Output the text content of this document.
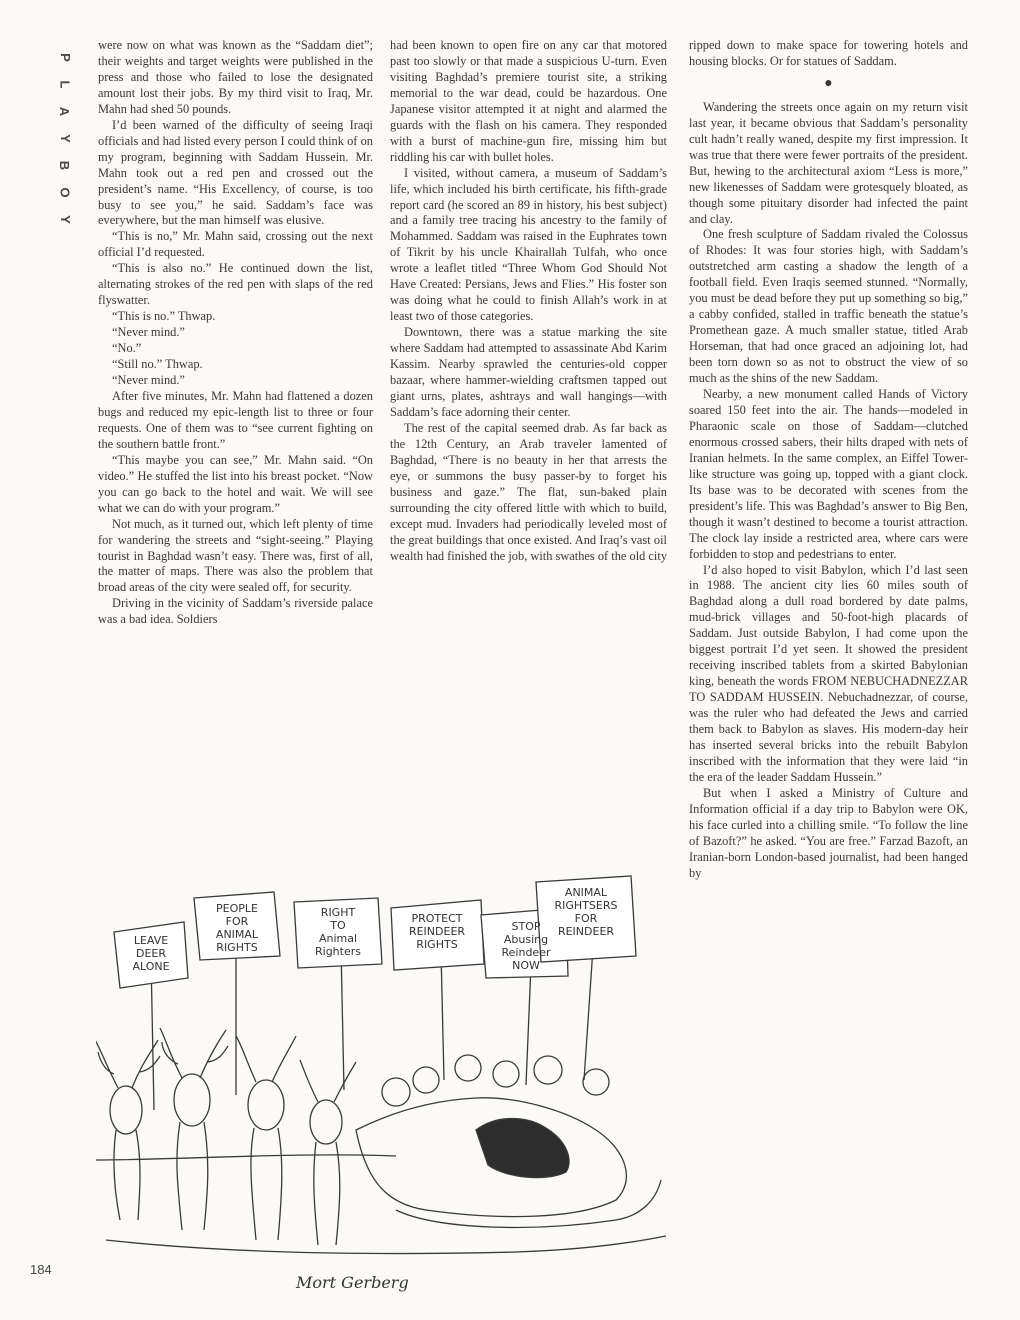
P
L
A
Y
B
O
Y

were now on what was known as the “Saddam diet”; their weights and target weights were published in the press and those who failed to lose the designated amount lost their jobs. By my third visit to Iraq, Mr. Mahn had shed 50 pounds.

I’d been warned of the difficulty of seeing Iraqi officials and had listed every person I could think of on my program, beginning with Saddam Hussein. Mr. Mahn took out a red pen and crossed out the president’s name. “His Excellency, of course, is too busy to see you,” he said. Saddam’s face was everywhere, but the man himself was elusive.

“This is no,” Mr. Mahn said, crossing out the next official I’d requested.

“This is also no.” He continued down the list, alternating strokes of the red pen with slaps of the red flyswatter.

“This is no.” Thwap.

“Never mind.”

“No.”

“Still no.” Thwap.

“Never mind.”

After five minutes, Mr. Mahn had flattened a dozen bugs and reduced my epic-length list to three or four requests. One of them was to “see current fighting on the southern battle front.”

“This maybe you can see,” Mr. Mahn said. “On video.” He stuffed the list into his breast pocket. “Now you can go back to the hotel and wait. We will see what we can do with your program.”

Not much, as it turned out, which left plenty of time for wandering the streets and “sight-seeing.” Playing tourist in Baghdad wasn’t easy. There was, first of all, the matter of maps. There was also the problem that broad areas of the city were sealed off, for security.

Driving in the vicinity of Saddam’s riverside palace was a bad idea. Soldiers

had been known to open fire on any car that motored past too slowly or that made a suspicious U-turn. Even visiting Baghdad’s premiere tourist site, a striking memorial to the war dead, could be hazardous. One Japanese visitor attempted it at night and alarmed the guards with the flash on his camera. They responded with a burst of machine-gun fire, missing him but riddling his car with bullet holes.

I visited, without camera, a museum of Saddam’s life, which included his birth certificate, his fifth-grade report card (he scored an 89 in history, his best subject) and a family tree tracing his ancestry to the family of Mohammed. Saddam was raised in the Euphrates town of Tikrit by his uncle Khairallah Tulfah, who once wrote a leaflet titled “Three Whom God Should Not Have Created: Persians, Jews and Flies.” His foster son was doing what he could to finish Allah’s work in at least two of those categories.

Downtown, there was a statue marking the site where Saddam had attempted to assassinate Abd Karim Kassim. Nearby sprawled the centuries-old copper bazaar, where hammer-wielding craftsmen tapped out giant urns, plates, ashtrays and wall hangings—with Saddam’s face adorning their center.

The rest of the capital seemed drab. As far back as the 12th Century, an Arab traveler lamented of Baghdad, “There is no beauty in her that arrests the eye, or summons the busy passer-by to forget his business and gaze.” The flat, sun-baked plain surrounding the city offered little with which to build, except mud. Invaders had periodically leveled most of the great buildings that once existed. And Iraq’s vast oil wealth had finished the job, with swathes of the old city

ripped down to make space for towering hotels and housing blocks. Or for statues of Saddam.

●

Wandering the streets once again on my return visit last year, it became obvious that Saddam’s personality cult hadn’t really waned, despite my first impression. It was true that there were fewer portraits of the president. But, hewing to the architectural axiom “Less is more,” new likenesses of Saddam were grotesquely bloated, as though some pituitary disorder had infected the paint and clay.

One fresh sculpture of Saddam rivaled the Colossus of Rhodes: It was four stories high, with Saddam’s outstretched arm casting a shadow the length of a football field. Even Iraqis seemed stunned. “Normally, you must be dead before they put up something so big,” a cabby confided, stalled in traffic beneath the statue’s Promethean gaze. A much smaller statue, titled Arab Horseman, that had once graced an adjoining lot, had been torn down so as not to obstruct the view of so much as the shins of the new Saddam.

Nearby, a new monument called Hands of Victory soared 150 feet into the air. The hands—modeled in Pharaonic scale on those of Saddam—clutched enormous crossed sabers, their hilts draped with nets of Iranian helmets. In the same complex, an Eiffel Tower-like structure was going up, topped with a giant clock. Its base was to be decorated with scenes from the president’s life. This was Baghdad’s answer to Big Ben, though it wasn’t destined to become a tourist attraction. The clock lay inside a restricted area, where cars were forbidden to stop and pedestrians to enter.

I’d also hoped to visit Babylon, which I’d last seen in 1988. The ancient city lies 60 miles south of Baghdad along a dull road bordered by date palms, mud-brick villages and 50-foot-high placards of Saddam. Just outside Babylon, I had come upon the biggest portrait I’d yet seen. It showed the president receiving inscribed tablets from a skirted Babylonian king, beneath the words FROM NEBUCHADNEZZAR TO SADDAM HUSSEIN. Nebuchadnezzar, of course, was the ruler who had defeated the Jews and carried them back to Babylon as slaves. His modern-day heir has inserted several bricks into the rebuilt Babylon inscribed with the information that they were laid “in the era of the leader Saddam Hussein.”

But when I asked a Ministry of Culture and Information official if a day trip to Babylon were OK, his face curled into a chilling smile. “To follow the line of Bazoft?” he asked. “You are free.” Farzad Bazoft, an Iranian-born London-based journalist, had been hanged by

LEAVE DEER ALONE
PEOPLE FOR ANIMAL RIGHTS
RIGHT TO Animal Righters
PROTECT REINDEER RIGHTS
STOP Abusing Reindeer NOW
ANIMAL RIGHTSERS FOR REINDEER
Mort Gerberg
184
